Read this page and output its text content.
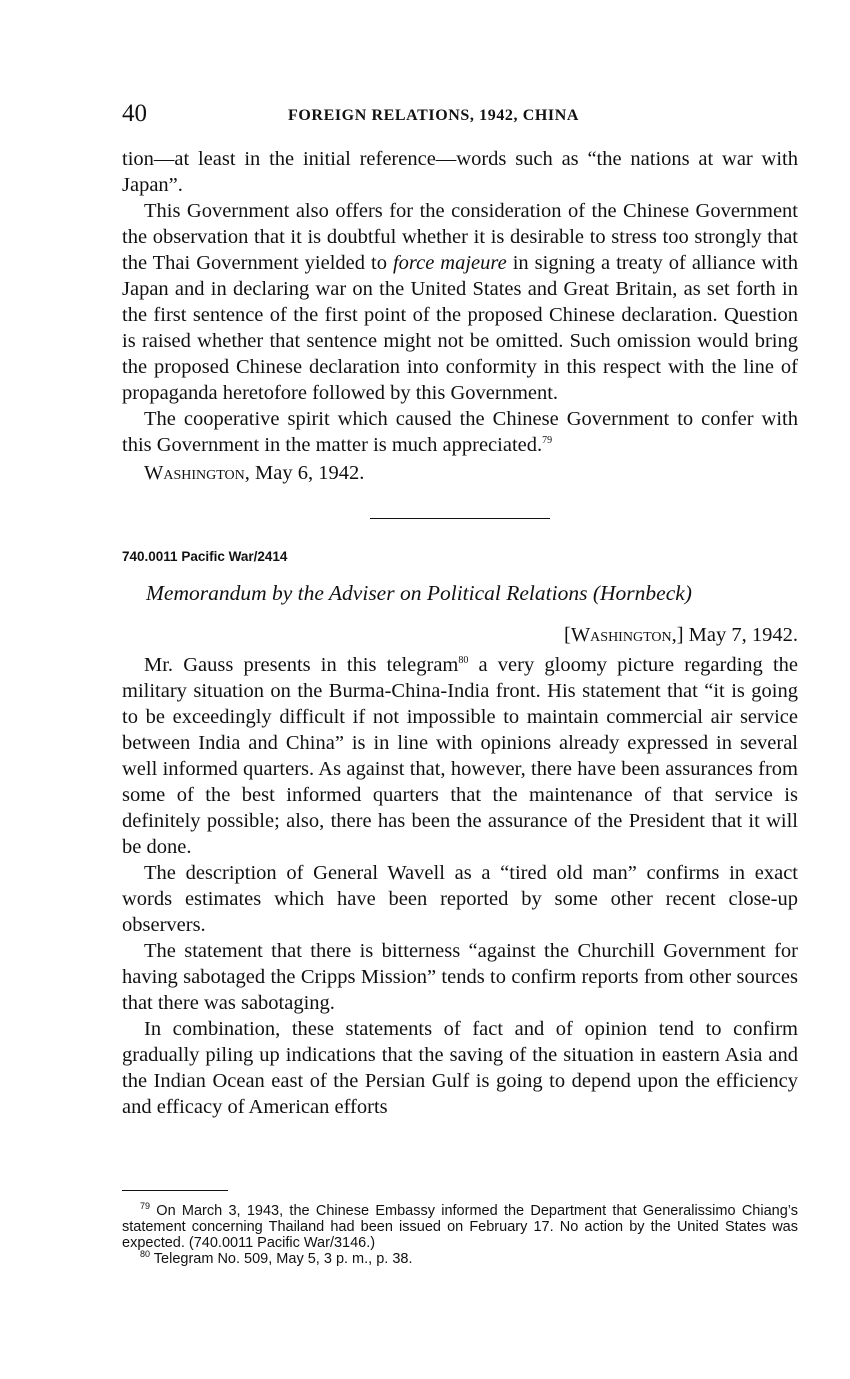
40	FOREIGN RELATIONS, 1942, CHINA

tion—at least in the initial reference—words such as “the nations at war with Japan”.

This Government also offers for the consideration of the Chinese Government the observation that it is doubtful whether it is desirable to stress too strongly that the Thai Government yielded to force majeure in signing a treaty of alliance with Japan and in declaring war on the United States and Great Britain, as set forth in the first sentence of the first point of the proposed Chinese declaration. Question is raised whether that sentence might not be omitted. Such omission would bring the proposed Chinese declaration into conformity in this respect with the line of propaganda heretofore followed by this Government.

The cooperative spirit which caused the Chinese Government to confer with this Government in the matter is much appreciated.$^{79}$

Washington, May 6, 1942.

740.0011 Pacific War/2414
Memorandum by the Adviser on Political Relations (Hornbeck)
[Washington,] May 7, 1942.

Mr. Gauss presents in this telegram$^{80}$ a very gloomy picture regarding the military situation on the Burma-China-India front. His statement that “it is going to be exceedingly difficult if not impossible to maintain commercial air service between India and China” is in line with opinions already expressed in several well informed quarters. As against that, however, there have been assurances from some of the best informed quarters that the maintenance of that service is definitely possible; also, there has been the assurance of the President that it will be done.

The description of General Wavell as a “tired old man” confirms in exact words estimates which have been reported by some other recent close-up observers.

The statement that there is bitterness “against the Churchill Government for having sabotaged the Cripps Mission” tends to confirm reports from other sources that there was sabotaging.

In combination, these statements of fact and of opinion tend to confirm gradually piling up indications that the saving of the situation in eastern Asia and the Indian Ocean east of the Persian Gulf is going to depend upon the efficiency and efficacy of American efforts

$^{79}$ On March 3, 1943, the Chinese Embassy informed the Department that Generalissimo Chiang’s statement concerning Thailand had been issued on February 17. No action by the United States was expected. (740.0011 Pacific War/3146.)

$^{80}$ Telegram No. 509, May 5, 3 p. m., p. 38.
